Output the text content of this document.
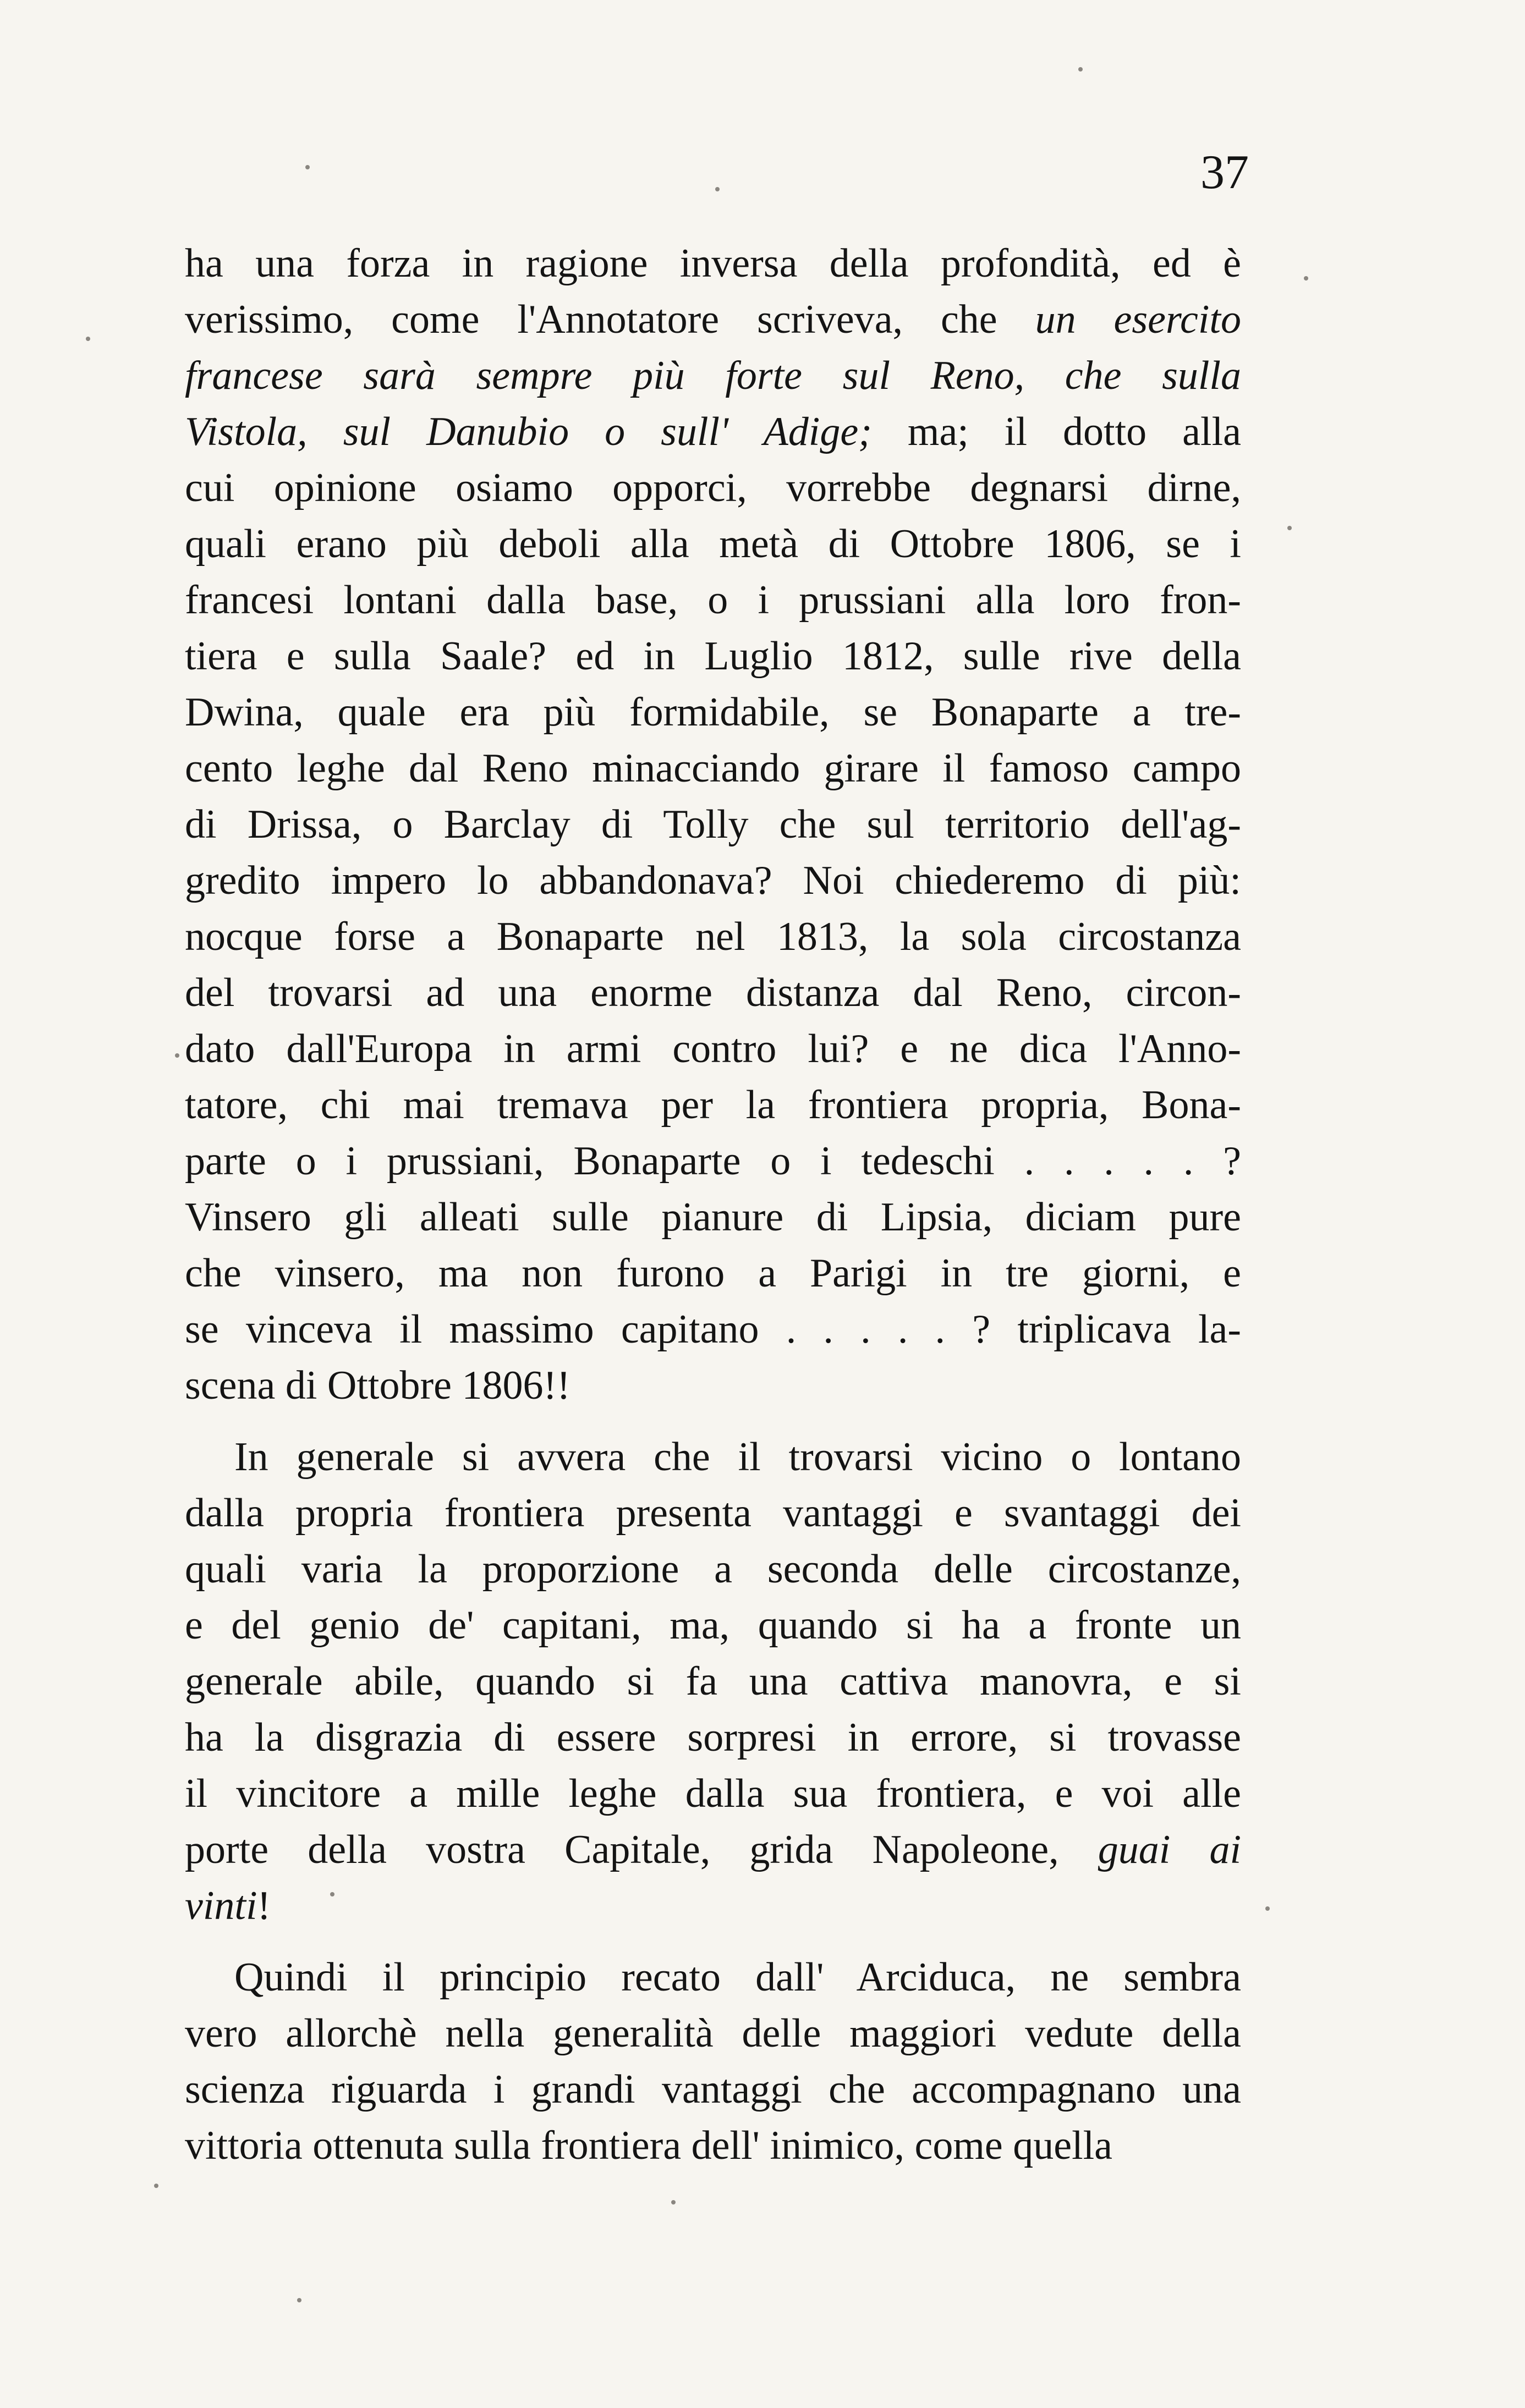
37
ha una forza in ragione inversa della profondità, ed è
verissimo, come l'Annotatore scriveva, che un esercito
francese sarà sempre più forte sul Reno, che sulla
Vistola, sul Danubio o sull' Adige; ma; il dotto alla
cui opinione osiamo opporci, vorrebbe degnarsi dirne,
quali erano più deboli alla metà di Ottobre 1806, se i
francesi lontani dalla base, o i prussiani alla loro fron-
tiera e sulla Saale? ed in Luglio 1812, sulle rive della
Dwina, quale era più formidabile, se Bonaparte a tre-
cento leghe dal Reno minacciando girare il famoso campo
di Drissa, o Barclay di Tolly che sul territorio dell'ag-
gredito impero lo abbandonava? Noi chiederemo di più:
nocque forse a Bonaparte nel 1813, la sola circostanza
del trovarsi ad una enorme distanza dal Reno, circon-
dato dall'Europa in armi contro lui? e ne dica l'Anno-
tatore, chi mai tremava per la frontiera propria, Bona-
parte o i prussiani, Bonaparte o i tedeschi . . . . . ?
Vinsero gli alleati sulle pianure di Lipsia, diciam pure
che vinsero, ma non furono a Parigi in tre giorni, e
se vinceva il massimo capitano . . . . . ? triplicava la-
scena di Ottobre 1806!!
In generale si avvera che il trovarsi vicino o lontano
dalla propria frontiera presenta vantaggi e svantaggi dei
quali varia la proporzione a seconda delle circostanze,
e del genio de' capitani, ma, quando si ha a fronte un
generale abile, quando si fa una cattiva manovra, e si
ha la disgrazia di essere sorpresi in errore, si trovasse
il vincitore a mille leghe dalla sua frontiera, e voi alle
porte della vostra Capitale, grida Napoleone, guai ai
vinti!
Quindi il principio recato dall' Arciduca, ne sembra
vero allorchè nella generalità delle maggiori vedute della
scienza riguarda i grandi vantaggi che accompagnano una
vittoria ottenuta sulla frontiera dell' inimico, come quella
